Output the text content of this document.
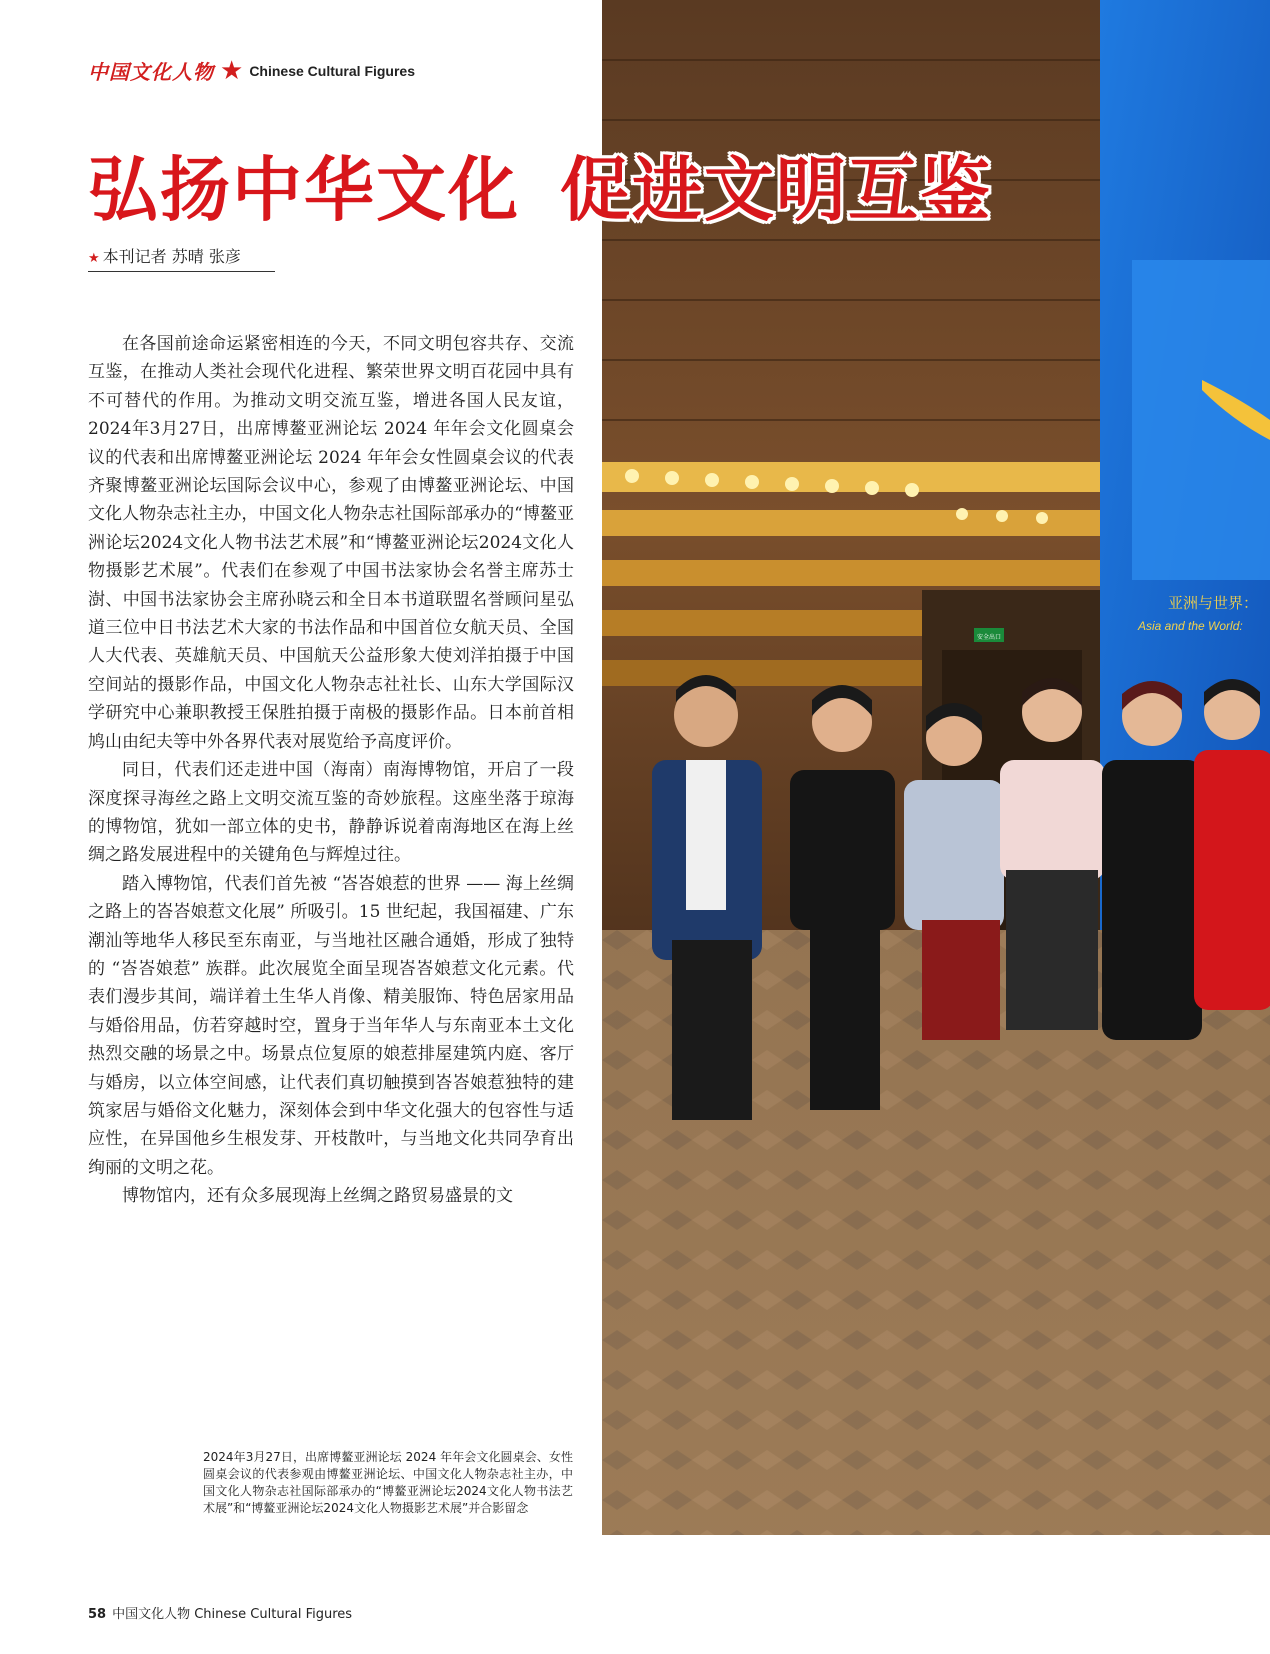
中国文化人物 ★ Chinese Cultural Figures
安全出口
亚洲与世界：
Asia and the World:
弘扬中华文化 促进文明互鉴
★ 本刊记者 苏晴 张彦

在各国前途命运紧密相连的今天，不同文明包容共存、交流互鉴，在推动人类社会现代化进程、繁荣世界文明百花园中具有不可替代的作用。为推动文明交流互鉴，增进各国人民友谊，2024年3月27日，出席博鳌亚洲论坛 2024 年年会文化圆桌会议的代表和出席博鳌亚洲论坛 2024 年年会女性圆桌会议的代表齐聚博鳌亚洲论坛国际会议中心，参观了由博鳌亚洲论坛、中国文化人物杂志社主办，中国文化人物杂志社国际部承办的“博鳌亚洲论坛2024文化人物书法艺术展”和“博鳌亚洲论坛2024文化人物摄影艺术展”。代表们在参观了中国书法家协会名誉主席苏士澍、中国书法家协会主席孙晓云和全日本书道联盟名誉顾问星弘道三位中日书法艺术大家的书法作品和中国首位女航天员、全国人大代表、英雄航天员、中国航天公益形象大使刘洋拍摄于中国空间站的摄影作品，中国文化人物杂志社社长、山东大学国际汉学研究中心兼职教授王保胜拍摄于南极的摄影作品。日本前首相鸠山由纪夫等中外各界代表对展览给予高度评价。

同日，代表们还走进中国（海南）南海博物馆，开启了一段深度探寻海丝之路上文明交流互鉴的奇妙旅程。这座坐落于琼海的博物馆，犹如一部立体的史书，静静诉说着南海地区在海上丝绸之路发展进程中的关键角色与辉煌过往。

踏入博物馆，代表们首先被 “峇峇娘惹的世界 —— 海上丝绸之路上的峇峇娘惹文化展” 所吸引。15 世纪起，我国福建、广东潮汕等地华人移民至东南亚，与当地社区融合通婚，形成了独特的 “峇峇娘惹” 族群。此次展览全面呈现峇峇娘惹文化元素。代表们漫步其间，端详着土生华人肖像、精美服饰、特色居家用品与婚俗用品，仿若穿越时空，置身于当年华人与东南亚本土文化热烈交融的场景之中。场景点位复原的娘惹排屋建筑内庭、客厅与婚房，以立体空间感，让代表们真切触摸到峇峇娘惹独特的建筑家居与婚俗文化魅力，深刻体会到中华文化强大的包容性与适应性，在异国他乡生根发芽、开枝散叶，与当地文化共同孕育出绚丽的文明之花。

博物馆内，还有众多展现海上丝绸之路贸易盛景的文

2024年3月27日，出席博鳌亚洲论坛 2024 年年会文化圆桌会、女性圆桌会议的代表参观由博鳌亚洲论坛、中国文化人物杂志社主办，中国文化人物杂志社国际部承办的“博鳌亚洲论坛2024文化人物书法艺术展”和“博鳌亚洲论坛2024文化人物摄影艺术展”并合影留念
58 中国文化人物 Chinese Cultural Figures
